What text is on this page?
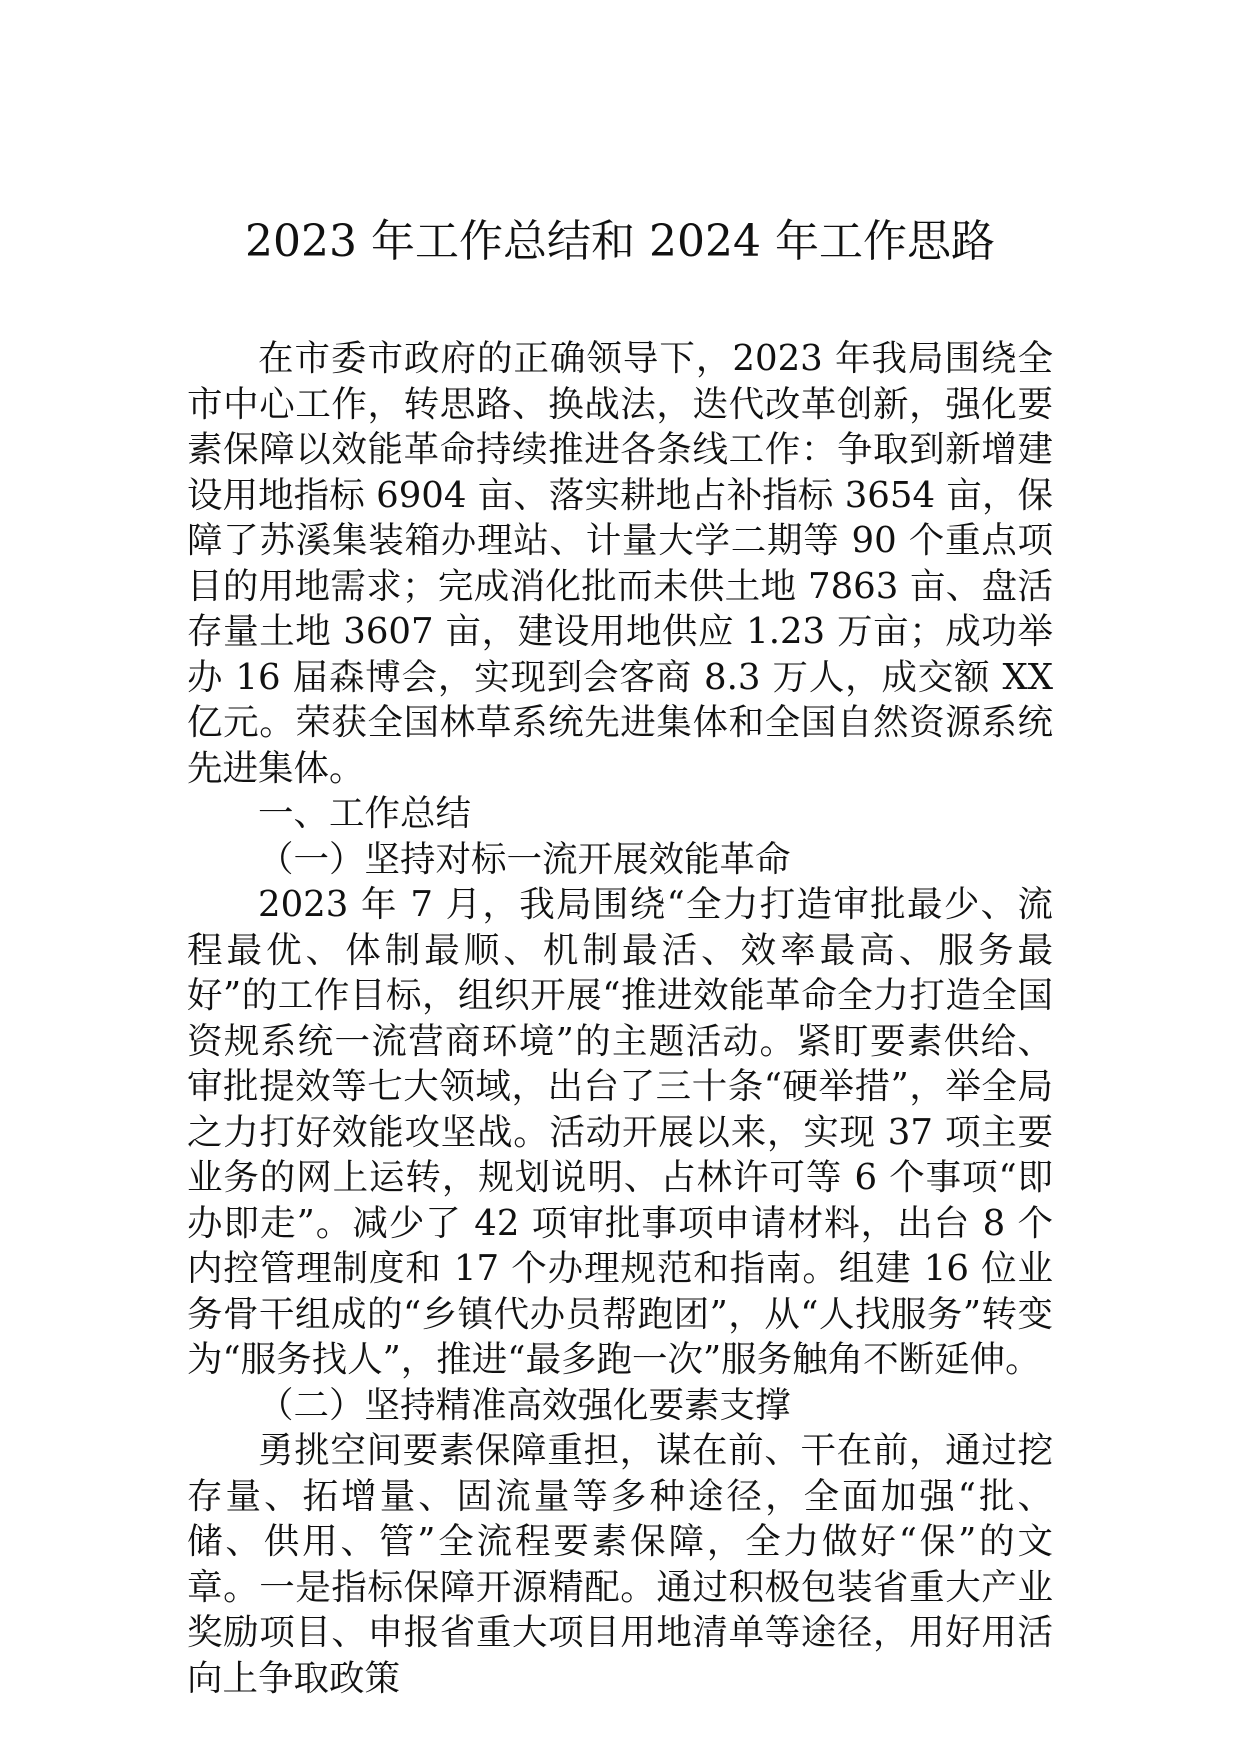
2023 年工作总结和 2024 年工作思路

在市委市政府的正确领导下，2023 年我局围绕全市中心工作，转思路、换战法，迭代改革创新，强化要素保障以效能革命持续推进各条线工作：争取到新增建设用地指标 6904 亩、落实耕地占补指标 3654 亩，保障了苏溪集装箱办理站、计量大学二期等 90 个重点项目的用地需求；完成消化批而未供土地 7863 亩、盘活存量土地 3607 亩，建设用地供应 1.23 万亩；成功举办 16 届森博会，实现到会客商 8.3 万人，成交额 XX 亿元。荣获全国林草系统先进集体和全国自然资源系统先进集体。

一、工作总结

（一）坚持对标一流开展效能革命

2023 年 7 月，我局围绕“全力打造审批最少、流程最优、体制最顺、机制最活、效率最高、服务最好”的工作目标，组织开展“推进效能革命全力打造全国资规系统一流营商环境”的主题活动。紧盯要素供给、审批提效等七大领域，出台了三十条“硬举措”，举全局之力打好效能攻坚战。活动开展以来，实现 37 项主要业务的网上运转，规划说明、占林许可等 6 个事项“即办即走”。减少了 42 项审批事项申请材料，出台 8 个内控管理制度和 17 个办理规范和指南。组建 16 位业务骨干组成的“乡镇代办员帮跑团”，从“人找服务”转变为“服务找人”，推进“最多跑一次”服务触角不断延伸。

（二）坚持精准高效强化要素支撑

勇挑空间要素保障重担，谋在前、干在前，通过挖存量、拓增量、固流量等多种途径，全面加强“批、储、供用、管”全流程要素保障，全力做好“保”的文章。一是指标保障开源精配。通过积极包装省重大产业奖励项目、申报省重大项目用地清单等途径，用好用活向上争取政策
